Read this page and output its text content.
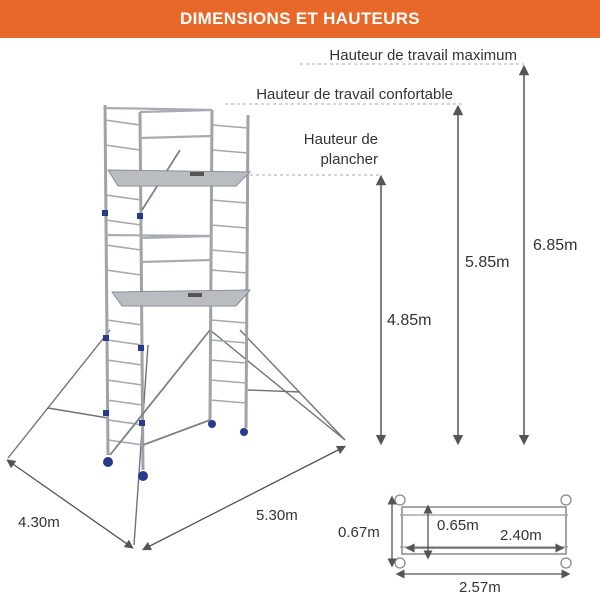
DIMENSIONS ET HAUTEURS
4.30m	5.30m
Hauteur de travail maximum
Hauteur de travail confortable
Hauteur de
plancher
6.85m
5.85m
4.85m
0.67m	0.65m
2.40m
2.57m
